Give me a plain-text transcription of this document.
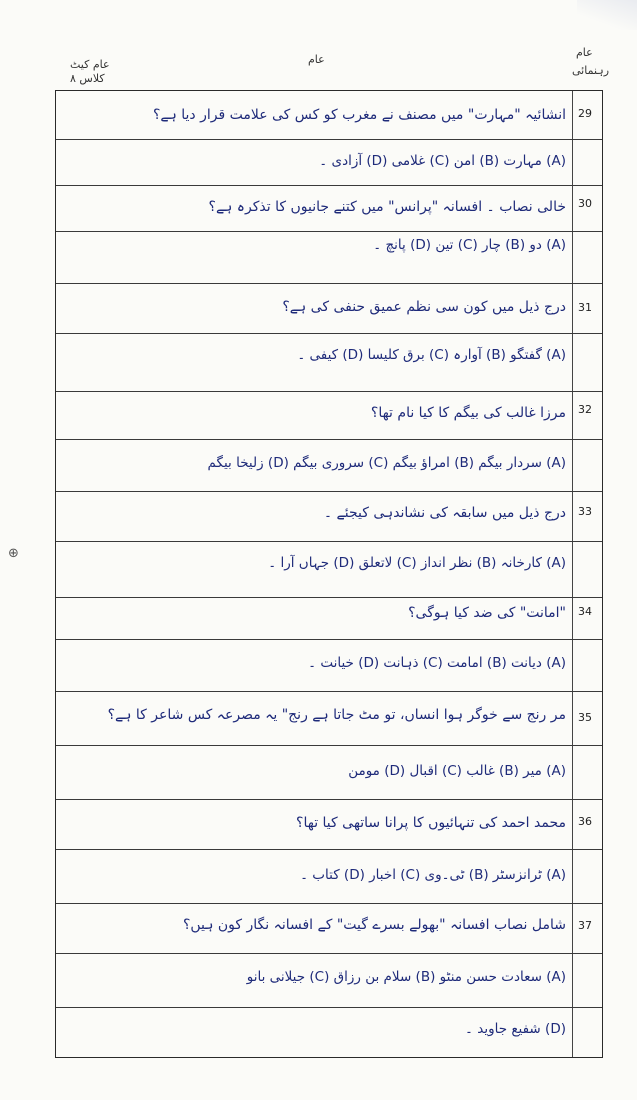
عام کیٹ
کلاس ۸
عام
عام
رہنمائی
⊕
انشائیہ "مہارت" میں مصنف نے مغرب کو کس کی علامت قرار دیا ہے؟ 29
(A) مہارت (B) امن (C) غلامی (D) آزادی ۔
خالی نصاب ۔ افسانہ "پرانس" میں کتنے جانیوں کا تذکرہ ہے؟ 30
(A) دو (B) چار (C) تین (D) پانچ ۔
درج ذیل میں کون سی نظم عمیق حنفی کی ہے؟ 31
(A) گفتگو (B) آوارہ (C) برق کلیسا (D) کیفی ۔
مرزا غالب کی بیگم کا کیا نام تھا؟ 32
(A) سردار بیگم (B) امراؤ بیگم (C) سروری بیگم (D) زلیخا بیگم
درج ذیل میں سابقہ کی نشاندہی کیجئے ۔ 33
(A) کارخانہ (B) نظر انداز (C) لاتعلق (D) جہاں آرا ۔
"امانت" کی ضد کیا ہوگی؟ 34
(A) دیانت (B) امامت (C) ذہانت (D) خیانت ۔
مر رنج سے خوگر ہوا انساں، تو مٹ جاتا ہے رنج" یہ مصرعہ کس شاعر کا ہے؟ 35
(A) میر (B) غالب (C) اقبال (D) مومن
محمد احمد کی تنہائیوں کا پرانا ساتھی کیا تھا؟ 36
(A) ٹرانزسٹر (B) ٹی۔وی (C) اخبار (D) کتاب ۔
شامل نصاب افسانہ "بھولے بسرے گیت" کے افسانہ نگار کون ہیں؟ 37
(A) سعادت حسن منٹو (B) سلام بن رزاق (C) جیلانی بانو
(D) شفیع جاوید ۔
